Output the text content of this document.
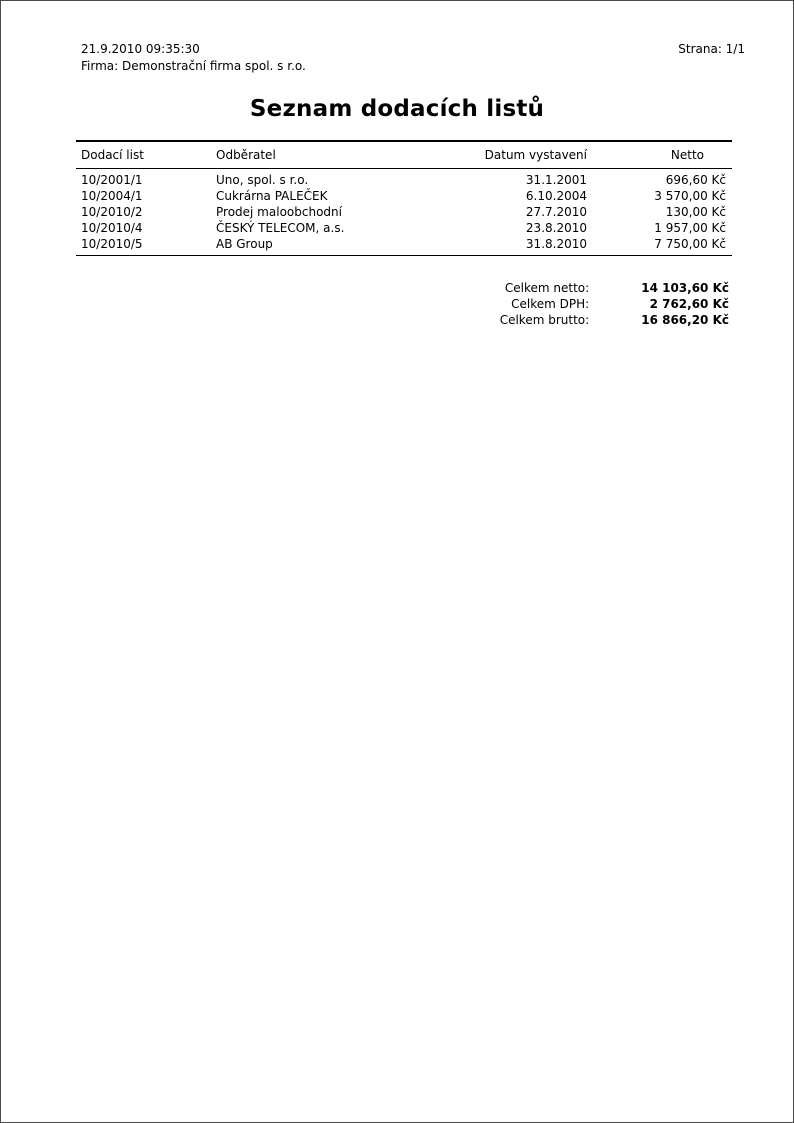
21.9.2010 09:35:30	Strana: 1/1
Firma: Demonstrační firma spol. s r.o.
Seznam dodacích listů
Dodací list	Odběratel	Datum vystavení	Netto
10/2001/1	Uno, spol. s r.o.	31.1.2001	696,60 Kč
10/2004/1	Cukrárna PALEČEK	6.10.2004	3 570,00 Kč
10/2010/2	Prodej maloobchodní	27.7.2010	130,00 Kč
10/2010/4	ČESKÝ TELECOM, a.s.	23.8.2010	1 957,00 Kč
10/2010/5	AB Group	31.8.2010	7 750,00 Kč
Celkem netto:	14 103,60 Kč
Celkem DPH:	2 762,60 Kč
Celkem brutto:	16 866,20 Kč
